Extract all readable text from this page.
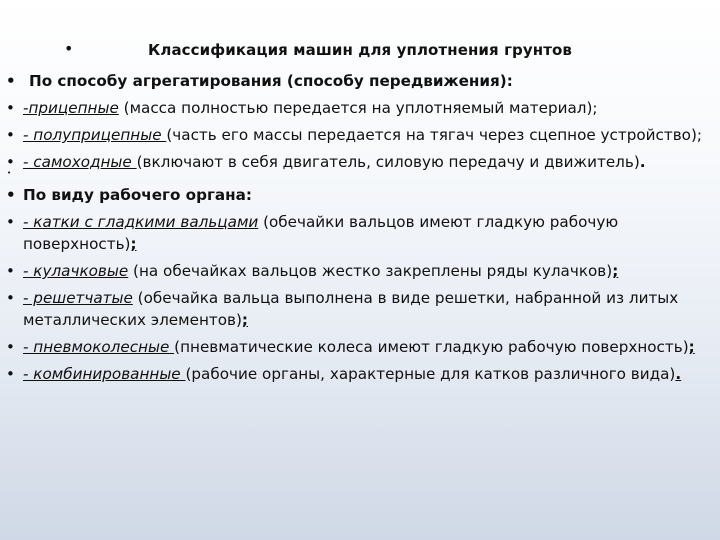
•	Классификация машин для уплотнения грунтов
• По способу агрегатирования (способу передвижения):
• -прицепные (масса полностью передается на уплотняемый материал);
• - полуприцепные (часть его массы передается на тягач через сцепное устройство);
• - самоходные (включают в себя двигатель, силовую передачу и движитель).
•
• По виду рабочего органа:
• - катки с гладкими вальцами (обечайки вальцов имеют гладкую рабочую поверхность);
• - кулачковые (на обечайках вальцов жестко закреплены ряды кулачков);
• - решетчатые (обечайка вальца выполнена в виде решетки, набранной из литых металлических элементов);
• - пневмоколесные (пневматические колеса имеют гладкую рабочую поверхность);
• - комбинированные (рабочие органы, характерные для катков различного вида).
